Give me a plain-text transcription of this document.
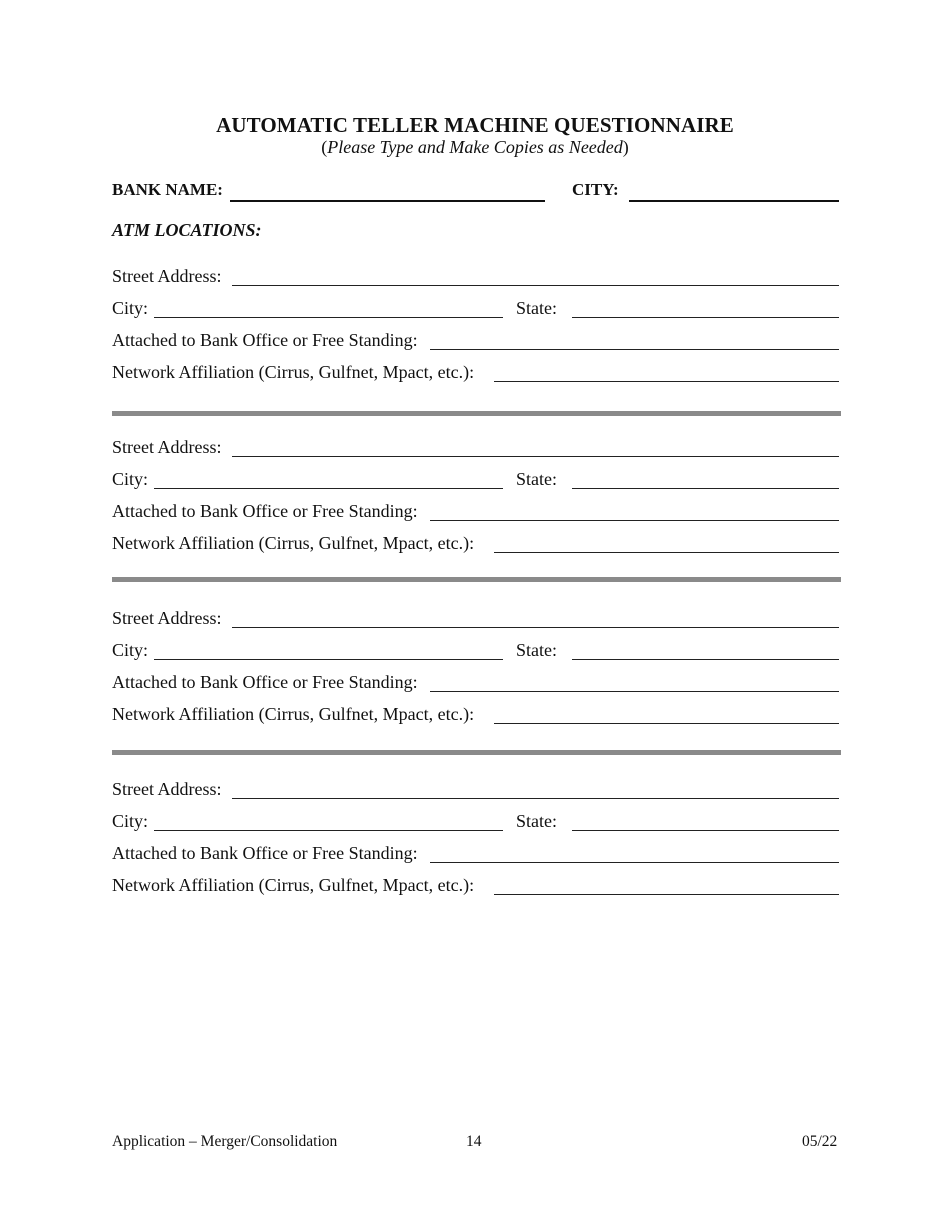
AUTOMATIC TELLER MACHINE QUESTIONNAIRE
(Please Type and Make Copies as Needed)
BANK NAME:	CITY:
ATM LOCATIONS:
Street Address:
City:	State:
Attached to Bank Office or Free Standing:
Network Affiliation (Cirrus, Gulfnet, Mpact, etc.):
Street Address:
City:	State:
Attached to Bank Office or Free Standing:
Network Affiliation (Cirrus, Gulfnet, Mpact, etc.):
Street Address:
City:	State:
Attached to Bank Office or Free Standing:
Network Affiliation (Cirrus, Gulfnet, Mpact, etc.):
Street Address:
City:	State:
Attached to Bank Office or Free Standing:
Network Affiliation (Cirrus, Gulfnet, Mpact, etc.):
Application – Merger/Consolidation	14	05/22
